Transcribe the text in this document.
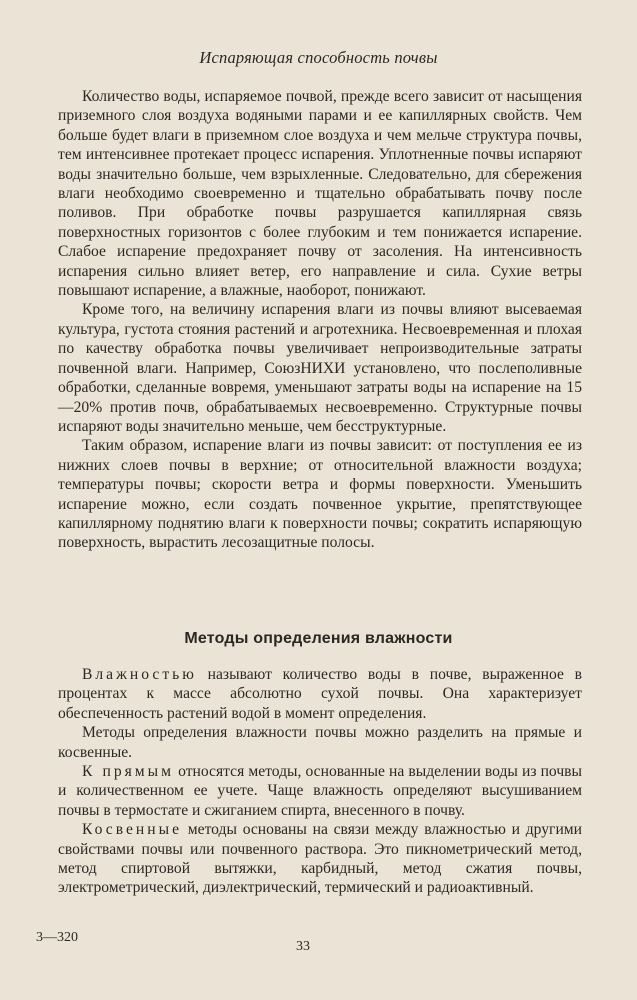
Испаряющая способность почвы

Количество воды, испаряемое почвой, прежде всего зависит от насыщения приземного слоя воздуха водяными парами и ее капиллярных свойств. Чем больше будет влаги в приземном слое воздуха и чем мельче структура почвы, тем интенсивнее протекает процесс испарения. Уплотненные почвы испаряют воды значительно больше, чем взрыхленные. Следовательно, для сбережения влаги необходимо своевременно и тщательно обрабатывать почву после поливов. При обработке почвы разрушается капиллярная связь поверхностных горизонтов с более глубоким и тем понижается испарение. Слабое испарение предохраняет почву от засоления. На интенсивность испарения сильно влияет ветер, его направление и сила. Сухие ветры повышают испарение, а влажные, наоборот, понижают.

Кроме того, на величину испарения влаги из почвы влияют высеваемая культура, густота стояния растений и агротехника. Несвоевременная и плохая по качеству обработка почвы увеличивает непроизводительные затраты почвенной влаги. Например, СоюзНИХИ установлено, что послеполивные обработки, сделанные вовремя, уменьшают затраты воды на испарение на 15—20% против почв, обрабатываемых несвоевременно. Структурные почвы испаряют воды значительно меньше, чем бесструктурные.

Таким образом, испарение влаги из почвы зависит: от поступления ее из нижних слоев почвы в верхние; от относительной влажности воздуха; температуры почвы; скорости ветра и формы поверхности. Уменьшить испарение можно, если создать почвенное укрытие, препятствующее капиллярному поднятию влаги к поверхности почвы; сократить испаряющую поверхность, вырастить лесозащитные полосы.

Методы определения влажности

Влажностью называют количество воды в почве, выраженное в процентах к массе абсолютно сухой почвы. Она характеризует обеспеченность растений водой в момент определения.

Методы определения влажности почвы можно разделить на прямые и косвенные.

К прямым относятся методы, основанные на выделении воды из почвы и количественном ее учете. Чаще влажность определяют высушиванием почвы в термостате и сжиганием спирта, внесенного в почву.

Косвенные методы основаны на связи между влажностью и другими свойствами почвы или почвенного раствора. Это пикнометрический метод, метод спиртовой вытяжки, карбидный, метод сжатия почвы, электрометрический, диэлектрический, термический и радиоактивный.

3—320
33
